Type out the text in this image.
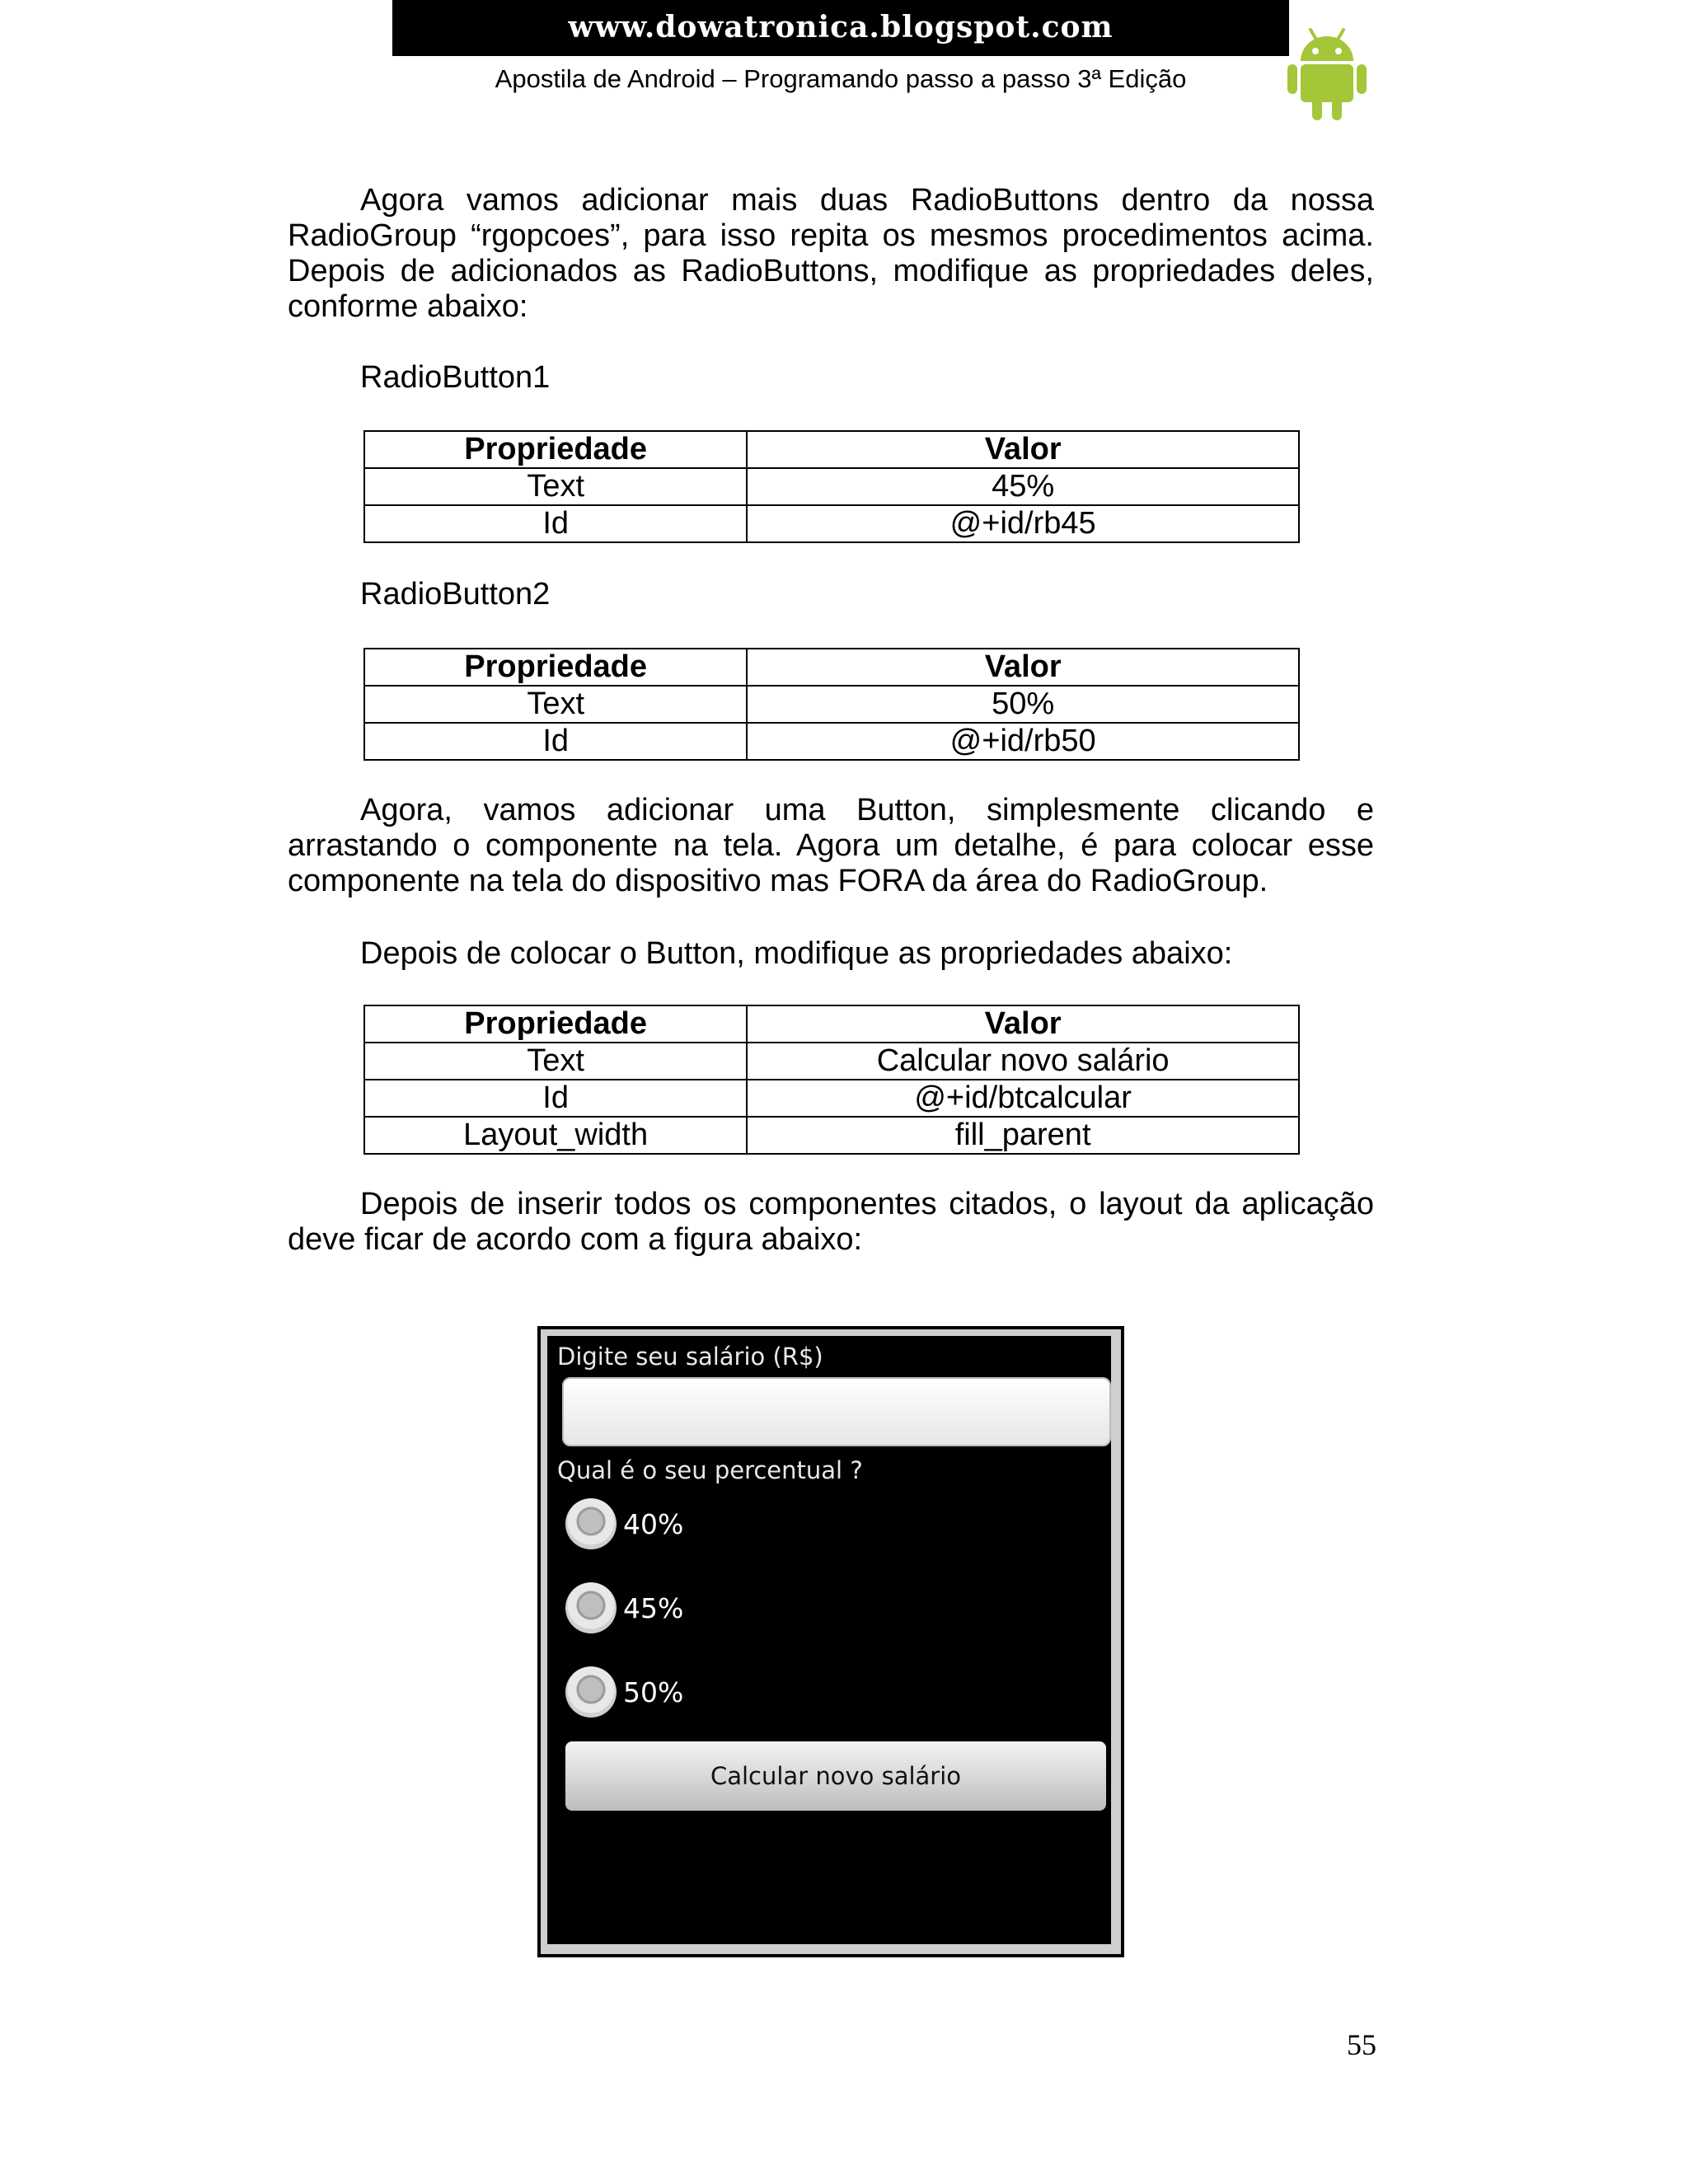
www.dowatronica.blogspot.com
Apostila de Android – Programando passo a passo 3ª Edição

Agora vamos adicionar mais duas RadioButtons dentro da nossa RadioGroup “rgopcoes”, para isso repita os mesmos procedimentos acima. Depois de adicionados as RadioButtons, modifique as propriedades deles, conforme abaixo:

RadioButton1
Propriedade	Valor
Text	45%
Id	@+id/rb45
RadioButton2
Propriedade	Valor
Text	50%
Id	@+id/rb50

Agora, vamos adicionar uma Button, simplesmente clicando e arrastando o componente na tela. Agora um detalhe, é para colocar esse componente na tela do dispositivo mas FORA da área do RadioGroup.

Depois de colocar o Button, modifique as propriedades abaixo:

Propriedade	Valor
Text	Calcular novo salário
Id	@+id/btcalcular
Layout_width	fill_parent

Depois de inserir todos os componentes citados, o layout da aplicação deve ficar de acordo com a figura abaixo:

Digite seu salário (R$)
Qual é o seu percentual ?
40%
45%
50%
Calcular novo salário
55
